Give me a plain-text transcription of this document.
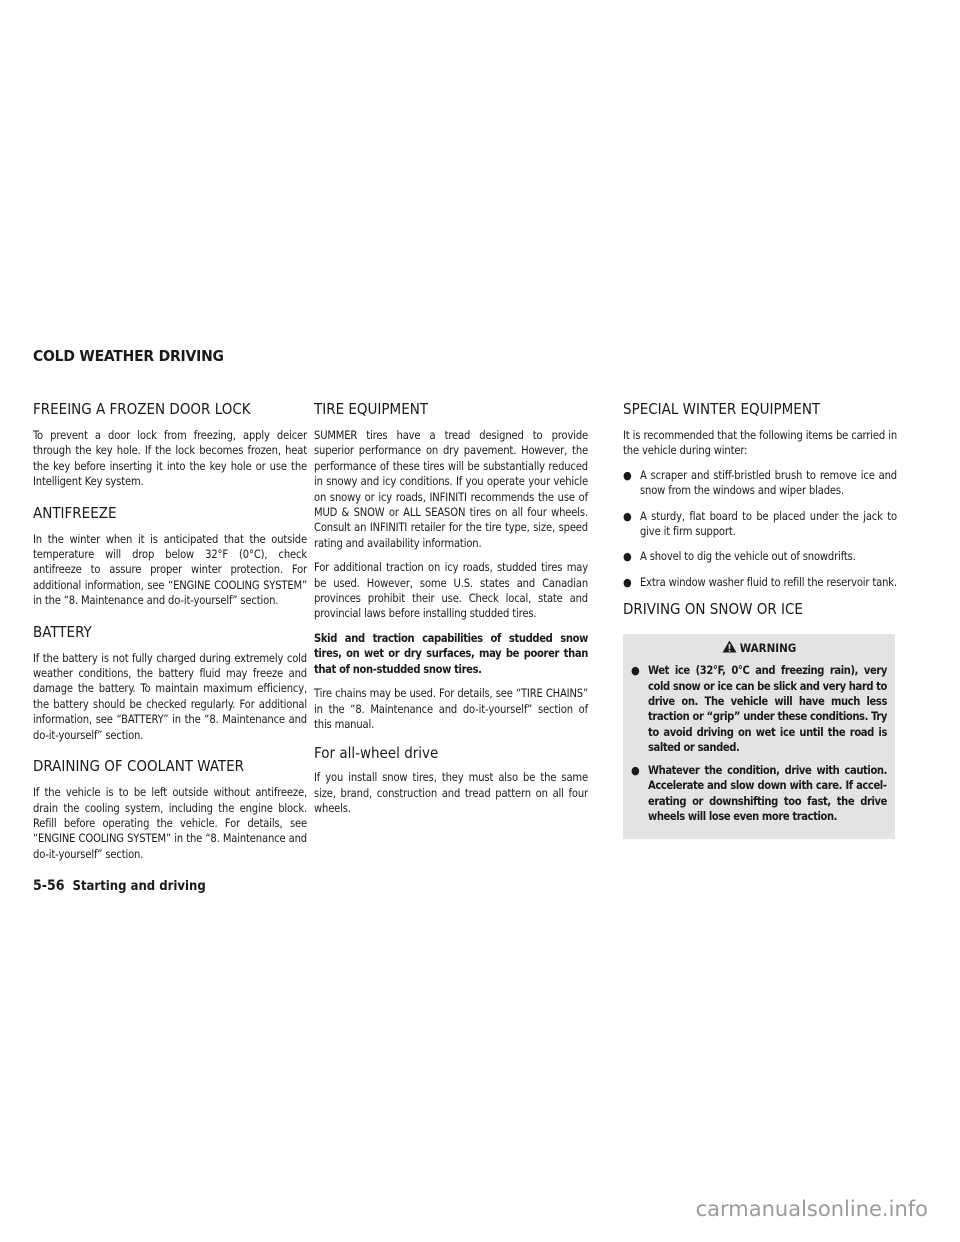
COLD WEATHER DRIVING
FREEING A FROZEN DOOR LOCK

To prevent a door lock from freezing, apply deicer through the key hole. If the lock becomes frozen, heat the key before inserting it into the key hole or use the Intelligent Key system.

ANTIFREEZE

In the winter when it is anticipated that the outside temperature will drop below 32°F (0°C), check antifreeze to assure proper winter protection. For additional information, see “ENGINE COOLING SYSTEM” in the “8. Maintenance and do-it-yourself” section.

BATTERY

If the battery is not fully charged during extremely cold weather conditions, the battery fluid may freeze and damage the battery. To maintain maximum efficiency, the battery should be checked regularly. For additional information, see “BATTERY” in the “8. Maintenance and do-it-yourself” section.

DRAINING OF COOLANT WATER

If the vehicle is to be left outside without antifreeze, drain the cooling system, including the engine block. Refill before operating the vehicle. For details, see “ENGINE COOLING SYSTEM” in the “8. Maintenance and do-it-yourself” section.

TIRE EQUIPMENT

SUMMER tires have a tread designed to provide superior performance on dry pavement. However, the performance of these tires will be substantially reduced in snowy and icy conditions. If you operate your vehicle on snowy or icy roads, INFINITI recommends the use of MUD & SNOW or ALL SEASON tires on all four wheels. Consult an INFINITI retailer for the tire type, size, speed rating and availability information.

For additional traction on icy roads, studded tires may be used. However, some U.S. states and Canadian provinces prohibit their use. Check local, state and provincial laws before installing studded tires.

Skid and traction capabilities of studded snow tires, on wet or dry surfaces, may be poorer than that of non-studded snow tires.

Tire chains may be used. For details, see “TIRE CHAINS” in the “8. Maintenance and do-it-yourself” section of this manual.

For all-wheel drive

If you install snow tires, they must also be the same size, brand, construction and tread pattern on all four wheels.

SPECIAL WINTER EQUIPMENT

It is recommended that the following items be carried in the vehicle during winter:

● A scraper and stiff-bristled brush to remove ice and snow from the windows and wiper blades.
● A sturdy, flat board to be placed under the jack to give it firm support.
● A shovel to dig the vehicle out of snowdrifts.
● Extra window washer fluid to refill the reservoir tank.
DRIVING ON SNOW OR ICE
WARNING
● Wet ice (32°F, 0°C and freezing rain), very cold snow or ice can be slick and very hard to drive on. The vehicle will have much less traction or “grip” under these conditions. Try to avoid driving on wet ice until the road is salted or sanded.
● Whatever the condition, drive with caution. Accelerate and slow down with care. If accelerating or downshifting too fast, the drive wheels will lose even more traction.
5-56 Starting and driving
carmanualsonline.info
